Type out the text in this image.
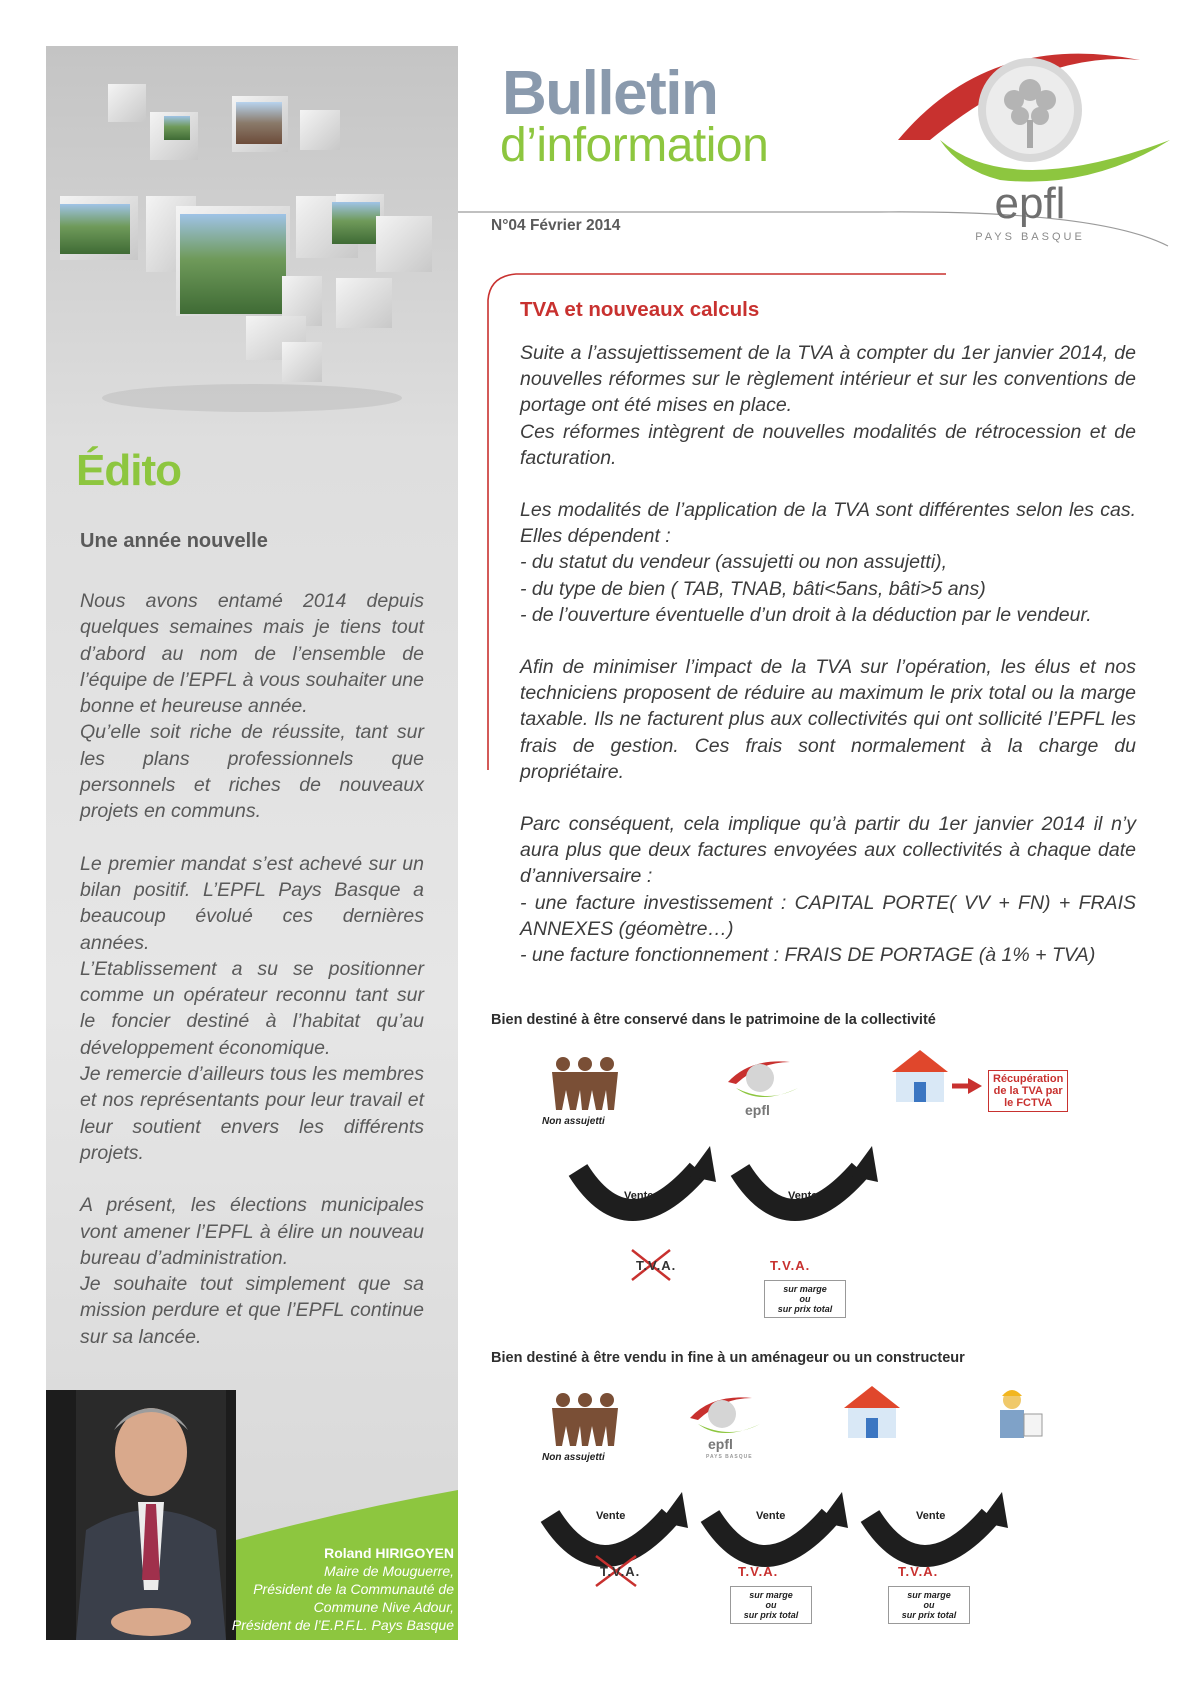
Édito
Une année nouvelle

Nous avons entamé 2014 depuis quelques semaines mais je tiens tout d’abord au nom de l’ensemble de l’équipe de l’EPFL à vous souhaiter une bonne et heureuse année.
Qu’elle soit riche de réussite, tant sur les plans professionnels que personnels et riches de nouveaux projets en communs.

Le premier mandat s’est achevé sur un bilan positif. L’EPFL Pays Basque a beaucoup évolué ces dernières années.
L’Etablissement a su se positionner comme un opérateur reconnu tant sur le foncier destiné à l’habitat qu’au développement économique.
Je remercie d’ailleurs tous les membres et nos représentants pour leur travail et leur soutient envers les différents projets.

A présent, les élections municipales vont amener l’EPFL à élire un nouveau bureau d’administration.
Je souhaite tout simplement que sa mission perdure et que l’EPFL continue sur sa lancée.

Roland HIRIGOYEN
Maire de Mouguerre,
Président de la Communauté de
Commune Nive Adour,
Président de l’E.P.F.L. Pays Basque
Bulletin
d’information
N°04 Février 2014	epfl
PAYS BASQUE
TVA et nouveaux calculs

Suite a l’assujettissement de la TVA à compter du 1er janvier 2014, de nouvelles réformes sur le règlement intérieur et sur les conventions de portage ont été mises en place.

Ces réformes intègrent de nouvelles modalités de rétrocession et de facturation.

Les modalités de l’application de la TVA sont différentes selon les cas. Elles dépendent :

- du statut du vendeur (assujetti ou non assujetti),

- du type de bien ( TAB, TNAB, bâti<5ans, bâti>5 ans)

- de l’ouverture éventuelle d’un droit à la déduction par le vendeur.

Afin de minimiser l’impact de la TVA sur l’opération, les élus et nos techniciens proposent de réduire au maximum le prix total ou la marge taxable. Ils ne facturent plus aux collectivités qui ont sollicité l’EPFL les frais de gestion. Ces frais sont normalement à la charge du propriétaire.

Parc conséquent, cela implique qu’à partir du 1er janvier 2014 il n’y aura plus que deux factures envoyées aux collectivités à chaque date d’anniversaire :

- une facture investissement : CAPITAL PORTE( VV + FN) + FRAIS ANNEXES (géomètre…)

- une facture fonctionnement : FRAIS DE PORTAGE (à 1% + TVA)

Bien destiné à être conservé dans le patrimoine de la collectivité
Non assujetti
epfl
Vente	Vente
T.V.A.	T.V.A.
sur marge
ou
sur prix total
Récupération
de la TVA par
le FCTVA
Bien destiné à être vendu in fine à un aménageur ou un constructeur
Non assujetti
epfl
PAYS BASQUE
Vente	Vente	Vente
T.V.A.	T.V.A.	T.V.A.
sur marge
ou
sur prix total
sur marge
ou
sur prix total
